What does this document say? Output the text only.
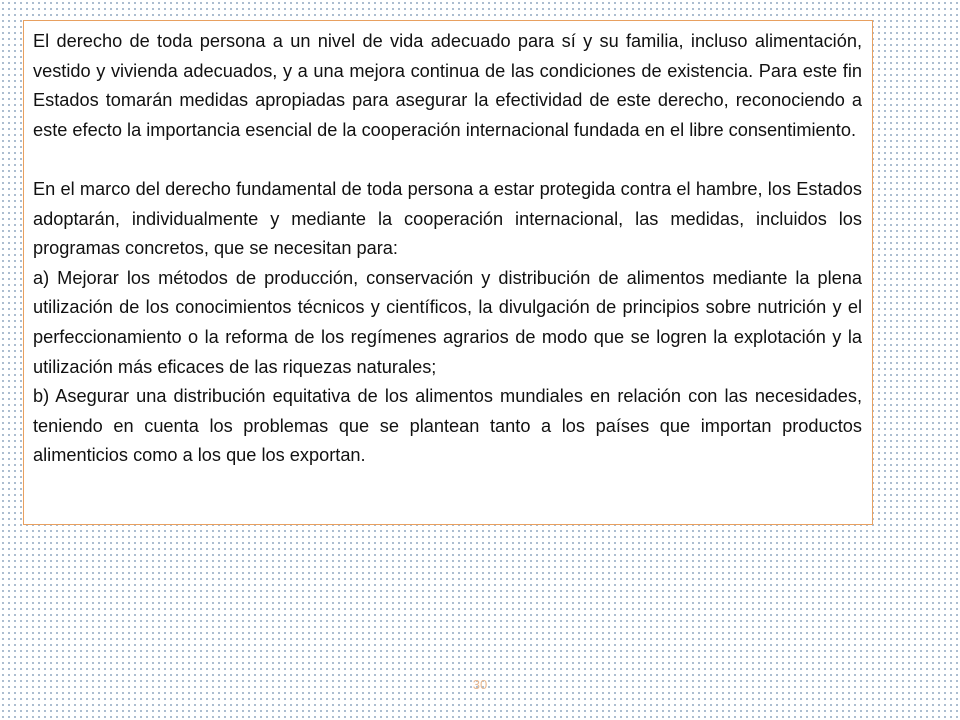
El derecho de toda persona a un nivel de vida adecuado para sí y su familia, incluso alimentación, vestido y vivienda adecuados, y a una mejora continua de las condiciones de existencia. Para este fin Estados tomarán medidas apropiadas para asegurar la efectividad de este derecho, reconociendo a este efecto la importancia esencial de la cooperación internacional fundada en el libre consentimiento.

En el marco del derecho fundamental de toda persona a estar protegida contra el hambre, los Estados adoptarán, individualmente y mediante la cooperación internacional, las medidas, incluidos los programas concretos, que se necesitan para:

a) Mejorar los métodos de producción, conservación y distribución de alimentos mediante la plena utilización de los conocimientos técnicos y científicos, la divulgación de principios sobre nutrición y el perfeccionamiento o la reforma de los regímenes agrarios de modo que se logren la explotación y la utilización más eficaces de las riquezas naturales;

b) Asegurar una distribución equitativa de los alimentos mundiales en relación con las necesidades, teniendo en cuenta los problemas que se plantean tanto a los países que importan productos alimenticios como a los que los exportan.

30
